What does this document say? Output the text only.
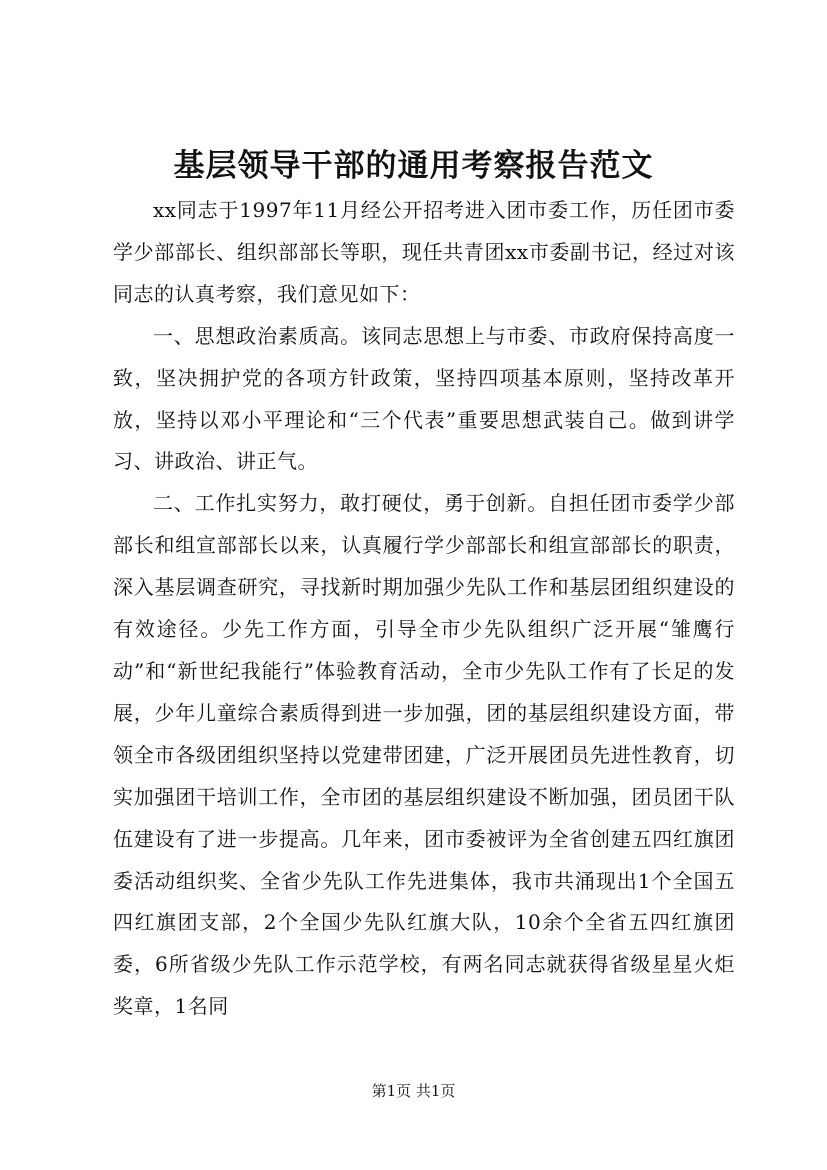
基层领导干部的通用考察报告范文

xx同志于1997年11月经公开招考进入团市委工作，历任团市委学少部部长、组织部部长等职，现任共青团xx市委副书记，经过对该同志的认真考察，我们意见如下：

一、思想政治素质高。该同志思想上与市委、市政府保持高度一致，坚决拥护党的各项方针政策，坚持四项基本原则，坚持改革开放，坚持以邓小平理论和“三个代表”重要思想武装自己。做到讲学习、讲政治、讲正气。

二、工作扎实努力，敢打硬仗，勇于创新。自担任团市委学少部部长和组宣部部长以来，认真履行学少部部长和组宣部部长的职责，深入基层调查研究，寻找新时期加强少先队工作和基层团组织建设的有效途径。少先工作方面，引导全市少先队组织广泛开展“雏鹰行动”和“新世纪我能行”体验教育活动，全市少先队工作有了长足的发展，少年儿童综合素质得到进一步加强，团的基层组织建设方面，带领全市各级团组织坚持以党建带团建，广泛开展团员先进性教育，切实加强团干培训工作，全市团的基层组织建设不断加强，团员团干队伍建设有了进一步提高。几年来，团市委被评为全省创建五四红旗团委活动组织奖、全省少先队工作先进集体，我市共涌现出1个全国五四红旗团支部，2个全国少先队红旗大队，10余个全省五四红旗团委，6所省级少先队工作示范学校，有两名同志就获得省级星星火炬奖章，1名同

第1页 共1页
